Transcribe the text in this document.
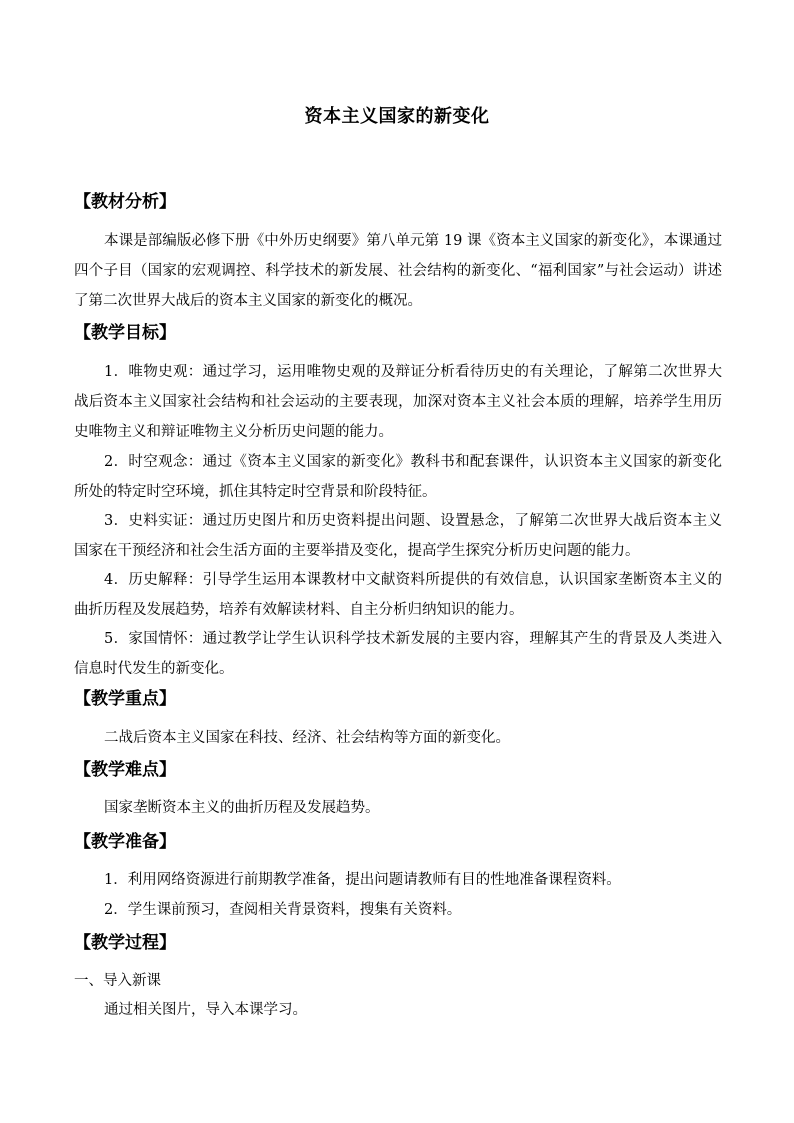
资本主义国家的新变化
【教材分析】
本课是部编版必修下册《中外历史纲要》第八单元第 19 课《资本主义国家的新变化》，本课通过四个子目（国家的宏观调控、科学技术的新发展、社会结构的新变化、“福利国家”与社会运动）讲述了第二次世界大战后的资本主义国家的新变化的概况。
【教学目标】
1．唯物史观：通过学习，运用唯物史观的及辩证分析看待历史的有关理论，了解第二次世界大战后资本主义国家社会结构和社会运动的主要表现，加深对资本主义社会本质的理解，培养学生用历史唯物主义和辩证唯物主义分析历史问题的能力。
2．时空观念：通过《资本主义国家的新变化》教科书和配套课件，认识资本主义国家的新变化所处的特定时空环境，抓住其特定时空背景和阶段特征。
3．史料实证：通过历史图片和历史资料提出问题、设置悬念，了解第二次世界大战后资本主义国家在干预经济和社会生活方面的主要举措及变化，提高学生探究分析历史问题的能力。
4．历史解释：引导学生运用本课教材中文献资料所提供的有效信息，认识国家垄断资本主义的曲折历程及发展趋势，培养有效解读材料、自主分析归纳知识的能力。
5．家国情怀：通过教学让学生认识科学技术新发展的主要内容，理解其产生的背景及人类进入信息时代发生的新变化。
【教学重点】
二战后资本主义国家在科技、经济、社会结构等方面的新变化。
【教学难点】
国家垄断资本主义的曲折历程及发展趋势。
【教学准备】
1．利用网络资源进行前期教学准备，提出问题请教师有目的性地准备课程资料。
2．学生课前预习，查阅相关背景资料，搜集有关资料。
【教学过程】
一、导入新课
通过相关图片，导入本课学习。
